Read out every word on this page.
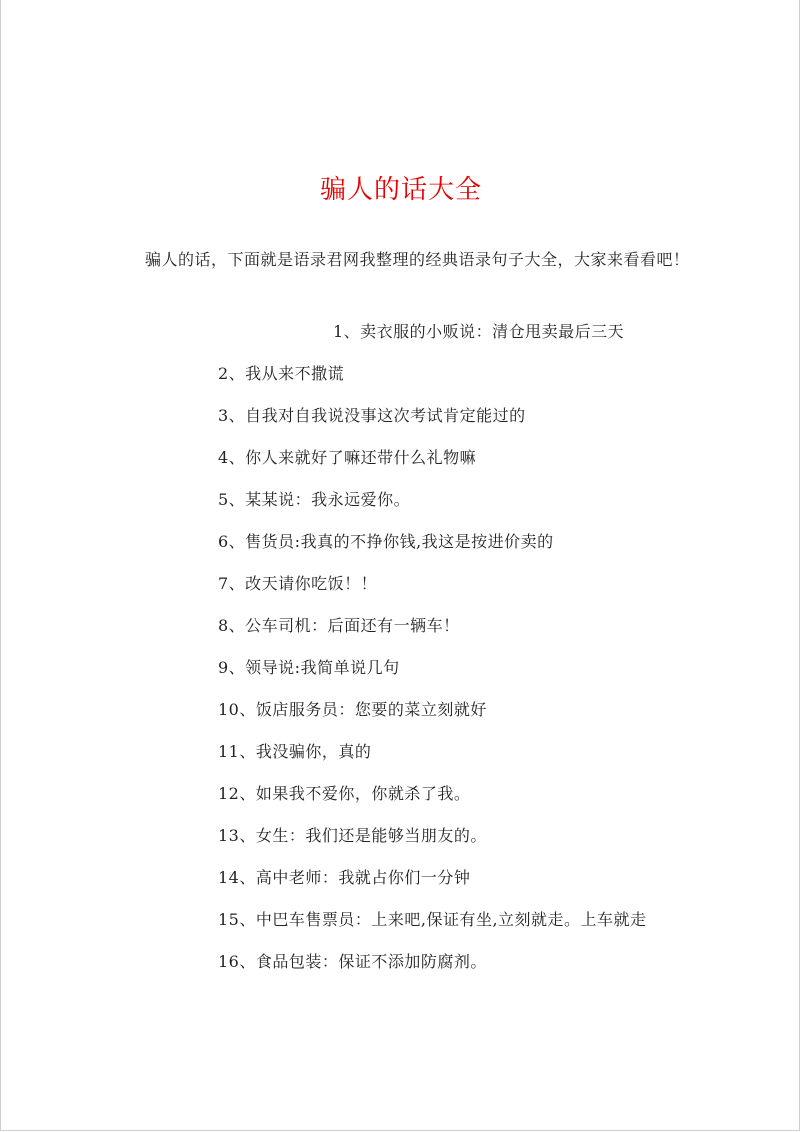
骗人的话大全
骗人的话，下面就是语录君网我整理的经典语录句子大全，大家来看看吧！
1、卖衣服的小贩说：清仓甩卖最后三天
2、我从来不撒谎
3、自我对自我说没事这次考试肯定能过的
4、你人来就好了嘛还带什么礼物嘛
5、某某说：我永远爱你。
6、售货员:我真的不挣你钱,我这是按进价卖的
7、改天请你吃饭！！
8、公车司机：后面还有一辆车！
9、领导说:我简单说几句
10、饭店服务员：您要的菜立刻就好
11、我没骗你，真的
12、如果我不爱你，你就杀了我。
13、女生：我们还是能够当朋友的。
14、高中老师：我就占你们一分钟
15、中巴车售票员：上来吧,保证有坐,立刻就走。上车就走
16、食品包装：保证不添加防腐剂。
